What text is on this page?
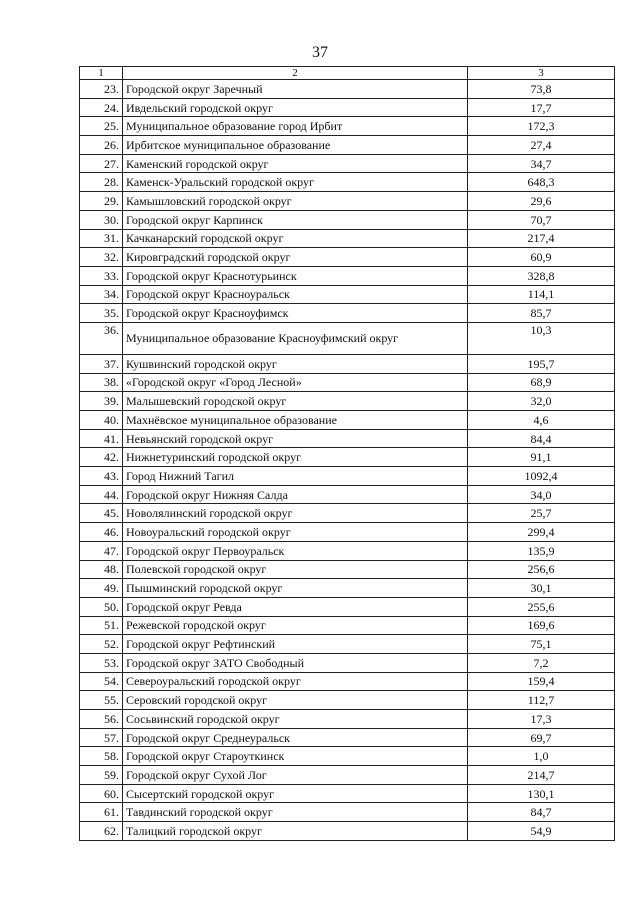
37
1	2	3
23.	Городской округ Заречный	73,8
24.	Ивдельский городской округ	17,7
25.	Муниципальное образование город Ирбит	172,3
26.	Ирбитское муниципальное образование	27,4
27.	Каменский городской округ	34,7
28.	Каменск-Уральский городской округ	648,3
29.	Камышловский городской округ	29,6
30.	Городской округ Карпинск	70,7
31.	Качканарский городской округ	217,4
32.	Кировградский городской округ	60,9
33.	Городской округ Краснотурьинск	328,8
34.	Городской округ Красноуральск	114,1
35.	Городской округ Красноуфимск	85,7
36.	Муниципальное образование Красноуфимский округ	10,3
37.	Кушвинский городской округ	195,7
38.	«Городской округ «Город Лесной»	68,9
39.	Малышевский городской округ	32,0
40.	Махнёвское муниципальное образование	4,6
41.	Невьянский городской округ	84,4
42.	Нижнетуринский городской округ	91,1
43.	Город Нижний Тагил	1092,4
44.	Городской округ Нижняя Салда	34,0
45.	Новолялинский городской округ	25,7
46.	Новоуральский городской округ	299,4
47.	Городской округ Первоуральск	135,9
48.	Полевской городской округ	256,6
49.	Пышминский городской округ	30,1
50.	Городской округ Ревда	255,6
51.	Режевской городской округ	169,6
52.	Городской округ Рефтинский	75,1
53.	Городской округ ЗАТО Свободный	7,2
54.	Североуральский городской округ	159,4
55.	Серовский городской округ	112,7
56.	Сосьвинский городской округ	17,3
57.	Городской округ Среднеуральск	69,7
58.	Городской округ Староуткинск	1,0
59.	Городской округ Сухой Лог	214,7
60.	Сысертский городской округ	130,1
61.	Тавдинский городской округ	84,7
62.	Талицкий городской округ	54,9
